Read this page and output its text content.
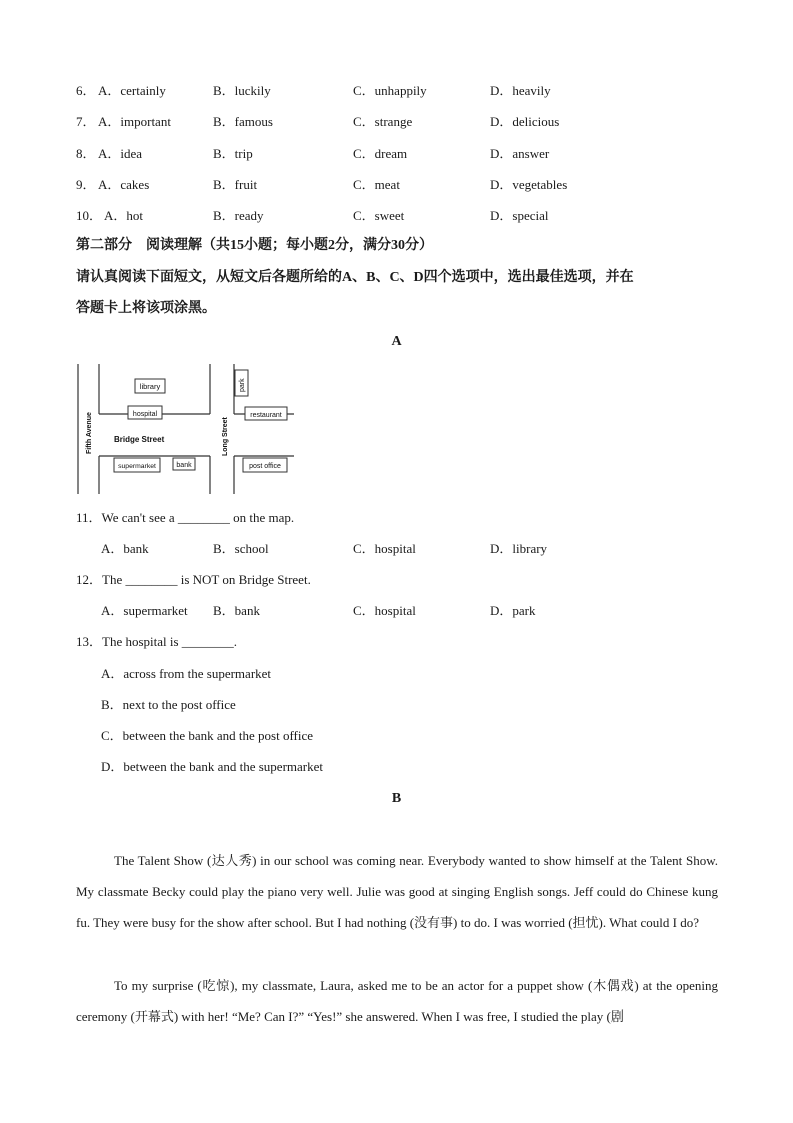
6． A．certainly	B．luckily	C．unhappily	D．heavily
7． A．important	B．famous	C．strange	D．delicious
8． A．idea	B．trip	C．dream	D．answer
9． A．cakes	B．fruit	C．meat	D．vegetables
10． A．hot	B．ready	C．sweet	D．special
第二部分　阅读理解（共15小题；每小题2分，满分30分）
请认真阅读下面短文，从短文后各题所给的A、B、C、D四个选项中，选出最佳选项，并在
答题卡上将该项涂黑。
A
library
hospital
park
restaurant
Fifth Avenue	Bridge Street	Long Street
supermarket	bank	post office
11．We can't see a ________ on the map.
A．bank	B．school	C．hospital	D．library
12．The ________ is NOT on Bridge Street.
A．supermarket B．bank	C．hospital	D．park
13．The hospital is ________.
A．across from the supermarket
B．next to the post office
C．between the bank and the post office
D．between the bank and the supermarket
B
The Talent Show (达人秀) in our school was coming near. Everybody wanted to show himself at the Talent Show. My classmate Becky could play the piano very well. Julie was good at singing English songs. Jeff could do Chinese kung fu. They were busy for the show after school. But I had nothing (没有事) to do. I was worried (担忧). What could I do?
To my surprise (吃惊), my classmate, Laura, asked me to be an actor for a puppet show (木偶戏) at the opening ceremony (开幕式) with her! “Me? Can I?” “Yes!” she answered. When I was free, I studied the play (剧
